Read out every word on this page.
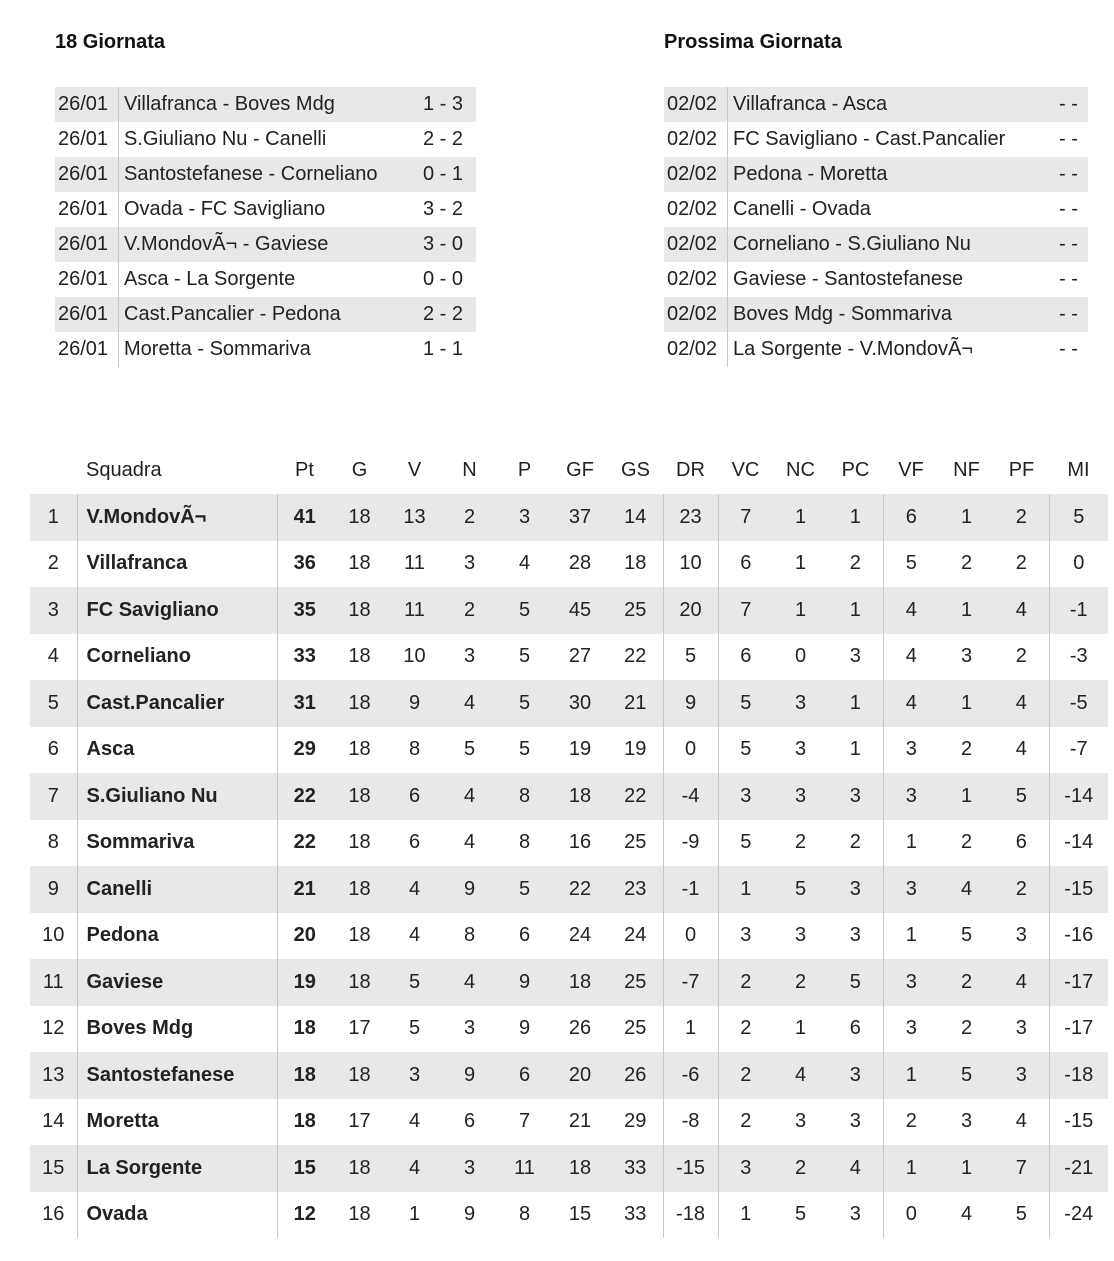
18 Giornata	Prossima Giornata
26/01	Villafranca - Boves Mdg	1 - 3
26/01	S.Giuliano Nu - Canelli	2 - 2
26/01	Santostefanese - Corneliano	0 - 1
26/01	Ovada - FC Savigliano	3 - 2
26/01	V.MondovÃ¬ - Gaviese	3 - 0
26/01	Asca - La Sorgente	0 - 0
26/01	Cast.Pancalier - Pedona	2 - 2
26/01	Moretta - Sommariva	1 - 1
02/02	Villafranca - Asca	- -
02/02	FC Savigliano - Cast.Pancalier	- -
02/02	Pedona - Moretta	- -
02/02	Canelli - Ovada	- -
02/02	Corneliano - S.Giuliano Nu	- -
02/02	Gaviese - Santostefanese	- -
02/02	Boves Mdg - Sommariva	- -
02/02	La Sorgente - V.MondovÃ¬	- -
	Squadra	Pt	G	V	N	P	GF	GS	DR	VC	NC	PC	VF	NF	PF	MI
1	V.MondovÃ¬	41	18	13	2	3	37	14	23	7	1	1	6	1	2	5
2	Villafranca	36	18	11	3	4	28	18	10	6	1	2	5	2	2	0
3	FC Savigliano	35	18	11	2	5	45	25	20	7	1	1	4	1	4	-1
4	Corneliano	33	18	10	3	5	27	22	5	6	0	3	4	3	2	-3
5	Cast.Pancalier	31	18	9	4	5	30	21	9	5	3	1	4	1	4	-5
6	Asca	29	18	8	5	5	19	19	0	5	3	1	3	2	4	-7
7	S.Giuliano Nu	22	18	6	4	8	18	22	-4	3	3	3	3	1	5	-14
8	Sommariva	22	18	6	4	8	16	25	-9	5	2	2	1	2	6	-14
9	Canelli	21	18	4	9	5	22	23	-1	1	5	3	3	4	2	-15
10	Pedona	20	18	4	8	6	24	24	0	3	3	3	1	5	3	-16
11	Gaviese	19	18	5	4	9	18	25	-7	2	2	5	3	2	4	-17
12	Boves Mdg	18	17	5	3	9	26	25	1	2	1	6	3	2	3	-17
13	Santostefanese	18	18	3	9	6	20	26	-6	2	4	3	1	5	3	-18
14	Moretta	18	17	4	6	7	21	29	-8	2	3	3	2	3	4	-15
15	La Sorgente	15	18	4	3	11	18	33	-15	3	2	4	1	1	7	-21
16	Ovada	12	18	1	9	8	15	33	-18	1	5	3	0	4	5	-24
